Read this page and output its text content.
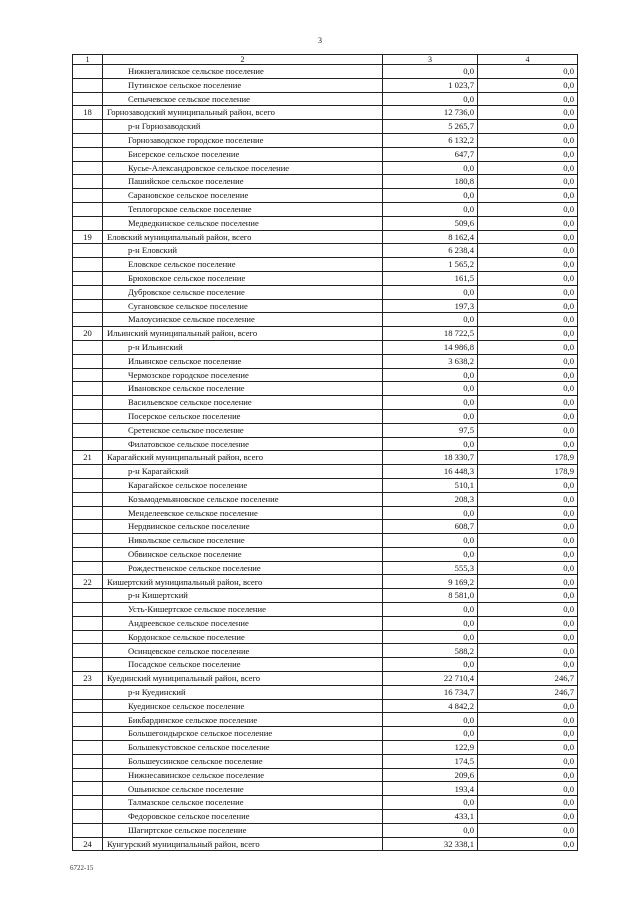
3
1	2	3	4
	Нижнегалинское сельское поселение	0,0	0,0
	Путинское сельское поселение	1 023,7	0,0
	Сепычевское сельское поселение	0,0	0,0
18	Горнозаводский муниципальный район, всего	12 736,0	0,0
	р-н Горнозаводский	5 265,7	0,0
	Горнозаводское городское поселение	6 132,2	0,0
	Бисерское сельское поселение	647,7	0,0
	Кусье-Александровское сельское поселение	0,0	0,0
	Пашийское сельское поселение	180,8	0,0
	Сарановское сельское поселение	0,0	0,0
	Теплогорское сельское поселение	0,0	0,0
	Медведкинское сельское поселение	509,6	0,0
19	Еловский муниципальный район, всего	8 162,4	0,0
	р-н Еловский	6 238,4	0,0
	Еловское сельское поселение	1 565,2	0,0
	Брюховское сельское поселение	161,5	0,0
	Дубровское сельское поселение	0,0	0,0
	Сугановское сельское поселение	197,3	0,0
	Малоусинское сельское поселение	0,0	0,0
20	Ильинский муниципальный район, всего	18 722,5	0,0
	р-н Ильинский	14 986,8	0,0
	Ильинское сельское поселение	3 638,2	0,0
	Чермозское городское поселение	0,0	0,0
	Ивановское сельское поселение	0,0	0,0
	Васильевское сельское поселение	0,0	0,0
	Посерское сельское поселение	0,0	0,0
	Сретенское сельское поселение	97,5	0,0
	Филатовское сельское поселение	0,0	0,0
21	Карагайский муниципальный район, всего	18 330,7	178,9
	р-н Карагайский	16 448,3	178,9
	Карагайское сельское поселение	510,1	0,0
	Козьмодемьяновское сельское поселение	208,3	0,0
	Менделеевское сельское поселение	0,0	0,0
	Нердвинское сельское поселение	608,7	0,0
	Никольское сельское поселение	0,0	0,0
	Обвинское сельское поселение	0,0	0,0
	Рождественское сельское поселение	555,3	0,0
22	Кишертский муниципальный район, всего	9 169,2	0,0
	р-н Кишертский	8 581,0	0,0
	Усть-Кишертское сельское поселение	0,0	0,0
	Андреевское сельское поселение	0,0	0,0
	Кордонское сельское поселение	0,0	0,0
	Осинцевское сельское поселение	588,2	0,0
	Посадское сельское поселение	0,0	0,0
23	Куединский муниципальный район, всего	22 710,4	246,7
	р-н Куединский	16 734,7	246,7
	Куединское сельское поселение	4 842,2	0,0
	Бикбардинское сельское поселение	0,0	0,0
	Большегондырское сельское поселение	0,0	0,0
	Большекустовское сельское поселение	122,9	0,0
	Большеусинское сельское поселение	174,5	0,0
	Нижнесавинское сельское поселение	209,6	0,0
	Ошьинское сельское поселение	193,4	0,0
	Талмазское сельское поселение	0,0	0,0
	Федоровское сельское поселение	433,1	0,0
	Шагиртское сельское поселение	0,0	0,0
24	Кунгурский муниципальный район, всего	32 338,1	0,0
6722-15
